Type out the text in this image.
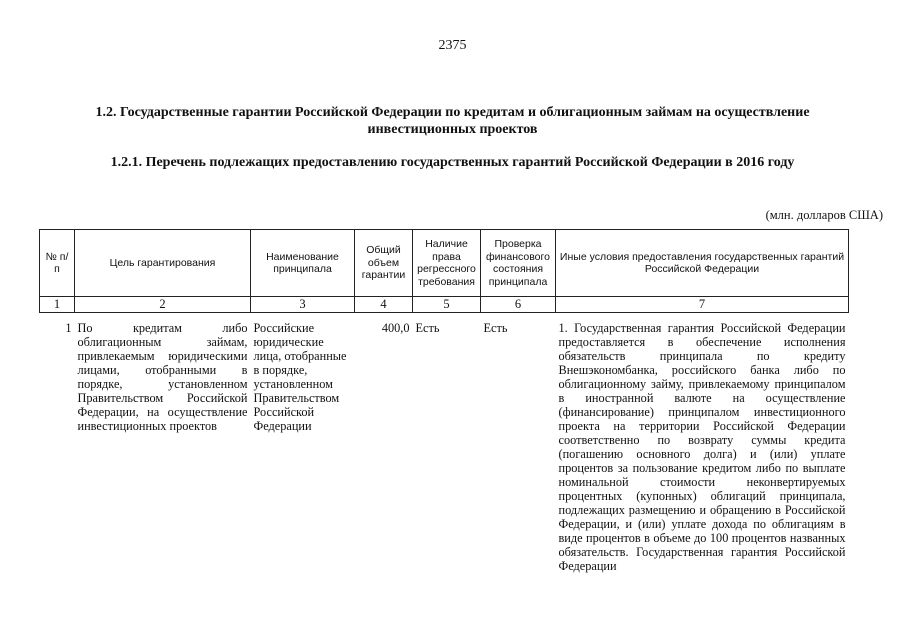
2375
1.2. Государственные гарантии Российской Федерации по кредитам и облигационным займам на осуществление инвестиционных проектов
1.2.1. Перечень подлежащих предоставлению государственных гарантий Российской Федерации в 2016 году
(млн. долларов США)
№ п/п	Цель гарантирования	Наименование принципала	Общий объем гарантии	Наличие права регрессного требования	Проверка финансового состояния принципала	Иные условия предоставления государственных гарантий Российской Федерации
1	2	3	4	5	6	7
1	По кредитам либо облигационным займам, привлекаемым юридическими лицами, отобранными в порядке, установленном Правительством Российской Федерации, на осуществление инвестиционных проектов	Российские юридические лица, отобранные в порядке, установленном Правительством Российской Федерации	400,0	Есть	Есть	1. Государственная гарантия Российской Федерации предоставляется в обеспечение исполнения обязательств принципала по кредиту Внешэкономбанка, российского банка либо по облигационному займу, привлекаемому принципалом в иностранной валюте на осуществление (финансирование) принципалом инвестиционного проекта на территории Российской Федерации соответственно по возврату суммы кредита (погашению основного долга) и (или) уплате процентов за пользование кредитом либо по выплате номинальной стоимости неконвертируемых процентных (купонных) облигаций принципала, подлежащих размещению и обращению в Российской Федерации, и (или) уплате дохода по облигациям в виде процентов в объеме до 100 процентов названных обязательств. Государственная гарантия Российской Федерации
